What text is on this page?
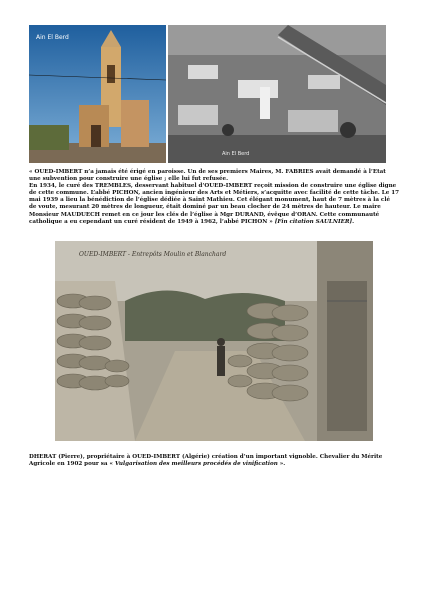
Ain El Berd
Ain El Berd

« OUED-IMBERT n’a jamais été érigé en paroisse. Un de ses premiers Maires, M. FABRIES avait demandé à l’Etat une subvention pour construire une église ; elle lui fut refusée.

En 1934, le curé des TREMBLES, desservant habituel d’OUED-IMBERT reçoit mission de construire une église digne de cette commune. L’abbé PICHON, ancien ingénieur des Arts et Métiers, s’acquitte avec facilité de cette tâche. Le 17 mai 1939 a lieu la bénédiction de l’église dédiée à Saint Mathieu. Cet élégant monument, haut de 7 mètres à la clé de voute, mesurant 20 mètres de longueur, était dominé par un beau clocher de 24 mètres de hauteur. Le maire Monsieur MAUDUECH remet en ce jour les clés de l’église à Mgr DURAND, évêque d’ORAN. Cette communauté catholique a eu cependant un curé résident de 1949 à 1962, l’abbé PICHON » [Fin citation SAULNIER].

OUED-IMBERT - Entrepôts Moulin et Blanchard

DHERAT (Pierre), propriétaire à OUED-IMBERT (Algérie) création d’un important vignoble. Chevalier du Mérite Agricole en 1902 pour sa « Vulgarisation des meilleurs procédés de vinification ».
